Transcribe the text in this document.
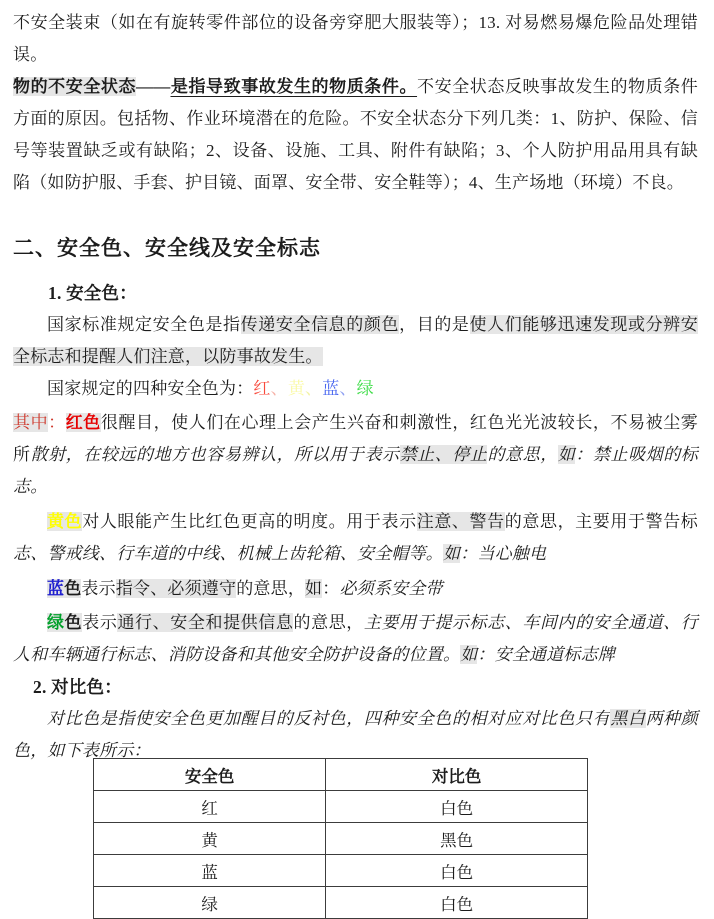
不安全装束（如在有旋转零件部位的设备旁穿肥大服装等）；13. 对易燃易爆危险品处理错误。

物的不安全状态——是指导致事故发生的物质条件。不安全状态反映事故发生的物质条件方面的原因。包括物、作业环境潜在的危险。不安全状态分下列几类：1、防护、保险、信号等装置缺乏或有缺陷；2、设备、设施、工具、附件有缺陷；3、个人防护用品用具有缺陷（如防护服、手套、护目镜、面罩、安全带、安全鞋等）；4、生产场地（环境）不良。

二、安全色、安全线及安全标志

1. 安全色：

国家标准规定安全色是指传递安全信息的颜色，目的是使人们能够迅速发现或分辨安全标志和提醒人们注意，以防事故发生。

国家规定的四种安全色为：红、黄、蓝、绿

其中：红色很醒目，使人们在心理上会产生兴奋和刺激性，红色光光波较长，不易被尘雾所散射，在较远的地方也容易辨认，所以用于表示禁止、停止的意思，如：禁止吸烟的标志。

黄色对人眼能产生比红色更高的明度。用于表示注意、警告的意思，主要用于警告标志、警戒线、行车道的中线、机械上齿轮箱、安全帽等。如：当心触电

蓝色表示指令、必须遵守的意思，如：必须系安全带

绿色表示通行、安全和提供信息的意思，主要用于提示标志、车间内的安全通道、行人和车辆通行标志、消防设备和其他安全防护设备的位置。如：安全通道标志牌

2. 对比色：

对比色是指使安全色更加醒目的反衬色，四种安全色的相对应对比色只有黑白两种颜色，如下表所示：

安全色	对比色
红	白色
黄	黑色
蓝	白色
绿	白色
